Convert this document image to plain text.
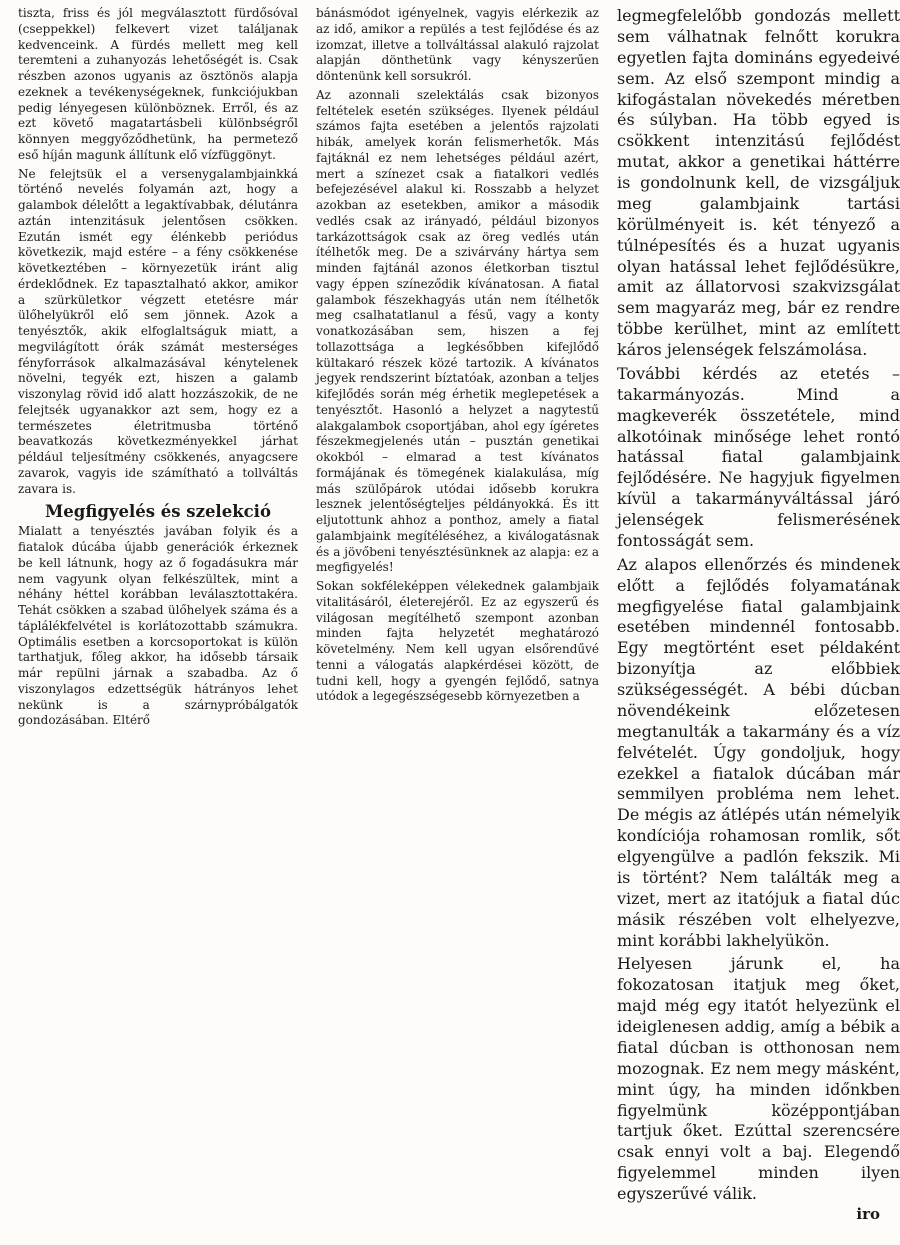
tiszta, friss és jól megválasztott fürdősóval (cseppekkel) felkevert vizet találjanak kedvenceink. A fürdés mellett meg kell teremteni a zuhanyozás lehetőségét is. Csak részben azonos ugyanis az ösztönös alapja ezeknek a tevékenységeknek, funkciójukban pedig lényegesen különböznek. Erről, és az ezt követő magatartásbeli különbségről könnyen meggyőződhetünk, ha permetező eső híján magunk állítunk elő vízfüggönyt.

Ne felejtsük el a versenygalambjainkká történő nevelés folyamán azt, hogy a galambok délelőtt a legaktívabbak, délutánra aztán intenzitásuk jelentősen csökken. Ezután ismét egy élénkebb periódus következik, majd estére – a fény csökkenése következtében – környezetük iránt alig érdeklődnek. Ez tapasztalható akkor, amikor a szürkületkor végzett etetésre már ülőhelyükről elő sem jönnek. Azok a tenyésztők, akik elfoglaltságuk miatt, a megvilágított órák számát mesterséges fényforrások alkalmazásával kénytelenek növelni, tegyék ezt, hiszen a galamb viszonylag rövid idő alatt hozzászokik, de ne felejtsék ugyanakkor azt sem, hogy ez a természetes életritmusba történő beavatkozás következményekkel járhat például teljesítmény csökkenés, anyagcsere zavarok, vagyis ide számítható a tollváltás zavara is.

Megfigyelés és szelekció

Mialatt a tenyésztés javában folyik és a fiatalok dúcába újabb generációk érkeznek be kell látnunk, hogy az ő fogadásukra már nem vagyunk olyan felkészültek, mint a néhány héttel korábban leválasztottakéra. Tehát csökken a szabad ülőhelyek száma és a táplálékfelvétel is korlátozottabb számukra. Optimális esetben a korcsoportokat is külön tarthatjuk, főleg akkor, ha idősebb társaik már repülni járnak a szabadba. Az ő viszonylagos edzettségük hátrányos lehet nekünk is a szárnypróbálgatók gondozásában. Eltérő

bánásmódot igényelnek, vagyis elérkezik az az idő, amikor a repülés a test fejlődése és az izomzat, illetve a tollváltással alakuló rajzolat alapján dönthetünk vagy kényszerűen döntenünk kell sorsukról.

Az azonnali szelektálás csak bizonyos feltételek esetén szükséges. Ilyenek például számos fajta esetében a jelentős rajzolati hibák, amelyek korán felismerhetők. Más fajtáknál ez nem lehetséges például azért, mert a színezet csak a fiatalkori vedlés befejezésével alakul ki. Rosszabb a helyzet azokban az esetekben, amikor a második vedlés csak az irányadó, például bizonyos tarkázottságok csak az öreg vedlés után ítélhetők meg. De a szivárvány hártya sem minden fajtánál azonos életkorban tisztul vagy éppen színeződik kívánatosan. A fiatal galambok fészekhagyás után nem ítélhetők meg csalhatatlanul a fésű, vagy a konty vonatkozásában sem, hiszen a fej tollazottsága a legkésőbben kifejlődő kültakaró részek közé tartozik. A kívánatos jegyek rendszerint bíztatóak, azonban a teljes kifejlődés során még érhetik meglepetések a tenyésztőt. Hasonló a helyzet a nagytestű alakgalambok csoportjában, ahol egy ígéretes fészekmegjelenés után – pusztán genetikai okokból – elmarad a test kívánatos formájának és tömegének kialakulása, míg más szülőpárok utódai idősebb korukra lesznek jelentőségteljes példányokká. És itt eljutottunk ahhoz a ponthoz, amely a fiatal galambjaink megítéléséhez, a kiválogatásnak és a jövőbeni tenyésztésünknek az alapja: ez a megfigyelés!

Sokan sokféleképpen vélekednek galambjaik vitalitásáról, életerejéről. Ez az egyszerű és világosan megítélhető szempont azonban minden fajta helyzetét meghatározó követelmény. Nem kell ugyan elsőrendűvé tenni a válogatás alapkérdései között, de tudni kell, hogy a gyengén fejlődő, satnya utódok a legegészségesebb környezetben a

legmegfelelőbb gondozás mellett sem válhatnak felnőtt korukra egyetlen fajta domináns egyedeivé sem. Az első szempont mindig a kifogástalan növekedés méretben és súlyban. Ha több egyed is csökkent intenzitású fejlődést mutat, akkor a genetikai háttérre is gondolnunk kell, de vizsgáljuk meg galambjaink tartási körülményeit is. két tényező a túlnépesítés és a huzat ugyanis olyan hatással lehet fejlődésükre, amit az állatorvosi szakvizsgálat sem magyaráz meg, bár ez rendre többe kerülhet, mint az említett káros jelenségek felszámolása.

További kérdés az etetés – takarmányozás. Mind a magkeverék összetétele, mind alkotóinak minősége lehet rontó hatással fiatal galambjaink fejlődésére. Ne hagyjuk figyelmen kívül a takarmányváltással járó jelenségek felismerésének fontosságát sem.

Az alapos ellenőrzés és mindenek előtt a fejlődés folyamatának megfigyelése fiatal galambjaink esetében mindennél fontosabb. Egy megtörtént eset példaként bizonyítja az előbbiek szükségességét. A bébi dúcban növendékeink előzetesen megtanulták a takarmány és a víz felvételét. Úgy gondoljuk, hogy ezekkel a fiatalok dúcában már semmilyen probléma nem lehet. De mégis az átlépés után némelyik kondíciója rohamosan romlik, sőt elgyengülve a padlón fekszik. Mi is történt? Nem találták meg a vizet, mert az itatójuk a fiatal dúc másik részében volt elhelyezve, mint korábbi lakhelyükön.

Helyesen járunk el, ha fokozatosan itatjuk meg őket, majd még egy itatót helyezünk el ideiglenesen addig, amíg a bébik a fiatal dúcban is otthonosan nem mozognak. Ez nem megy másként, mint úgy, ha minden időnkben figyelmünk középpontjában tartjuk őket. Ezúttal szerencsére csak ennyi volt a baj. Elegendő figyelemmel minden ilyen egyszerűvé válik.

iro
